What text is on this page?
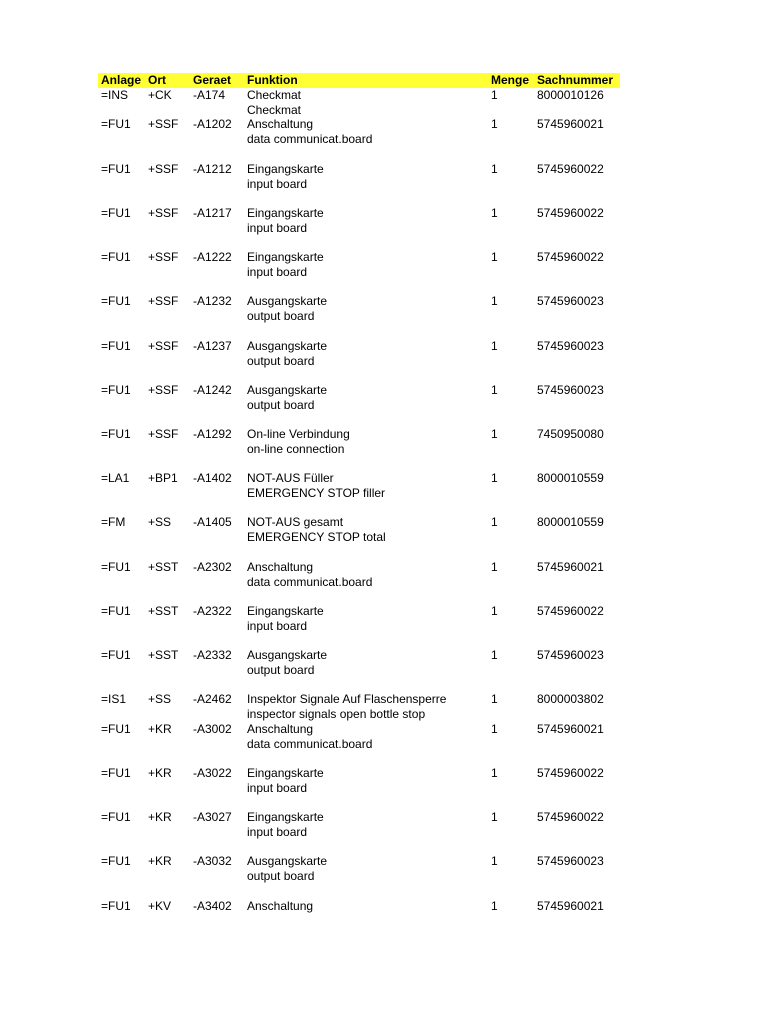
Anlage Ort Geraet Funktion	Menge Sachnummer
=INS +CK -A174 Checkmat	1	8000010126
Checkmat
=FU1 +SSF -A1202 Anschaltung	1	5745960021
data communicat.board
=FU1 +SSF -A1212 Eingangskarte	1	5745960022
input board
=FU1 +SSF -A1217 Eingangskarte	1	5745960022
input board
=FU1 +SSF -A1222 Eingangskarte	1	5745960022
input board
=FU1 +SSF -A1232 Ausgangskarte	1	5745960023
output board
=FU1 +SSF -A1237 Ausgangskarte	1	5745960023
output board
=FU1 +SSF -A1242 Ausgangskarte	1	5745960023
output board
=FU1 +SSF -A1292 On-line Verbindung	1	7450950080
on-line connection
=LA1 +BP1 -A1402 NOT-AUS Füller	1	8000010559
EMERGENCY STOP filler
=FM +SS -A1405 NOT-AUS gesamt	1	8000010559
EMERGENCY STOP total
=FU1 +SST -A2302 Anschaltung	1	5745960021
data communicat.board
=FU1 +SST -A2322 Eingangskarte	1	5745960022
input board
=FU1 +SST -A2332 Ausgangskarte	1	5745960023
output board
=IS1 +SS -A2462 Inspektor Signale Auf Flaschensperre	1	8000003802
inspector signals open bottle stop
=FU1 +KR -A3002 Anschaltung	1	5745960021
data communicat.board
=FU1 +KR -A3022 Eingangskarte	1	5745960022
input board
=FU1 +KR -A3027 Eingangskarte	1	5745960022
input board
=FU1 +KR -A3032 Ausgangskarte	1	5745960023
output board
=FU1 +KV -A3402 Anschaltung	1	5745960021
